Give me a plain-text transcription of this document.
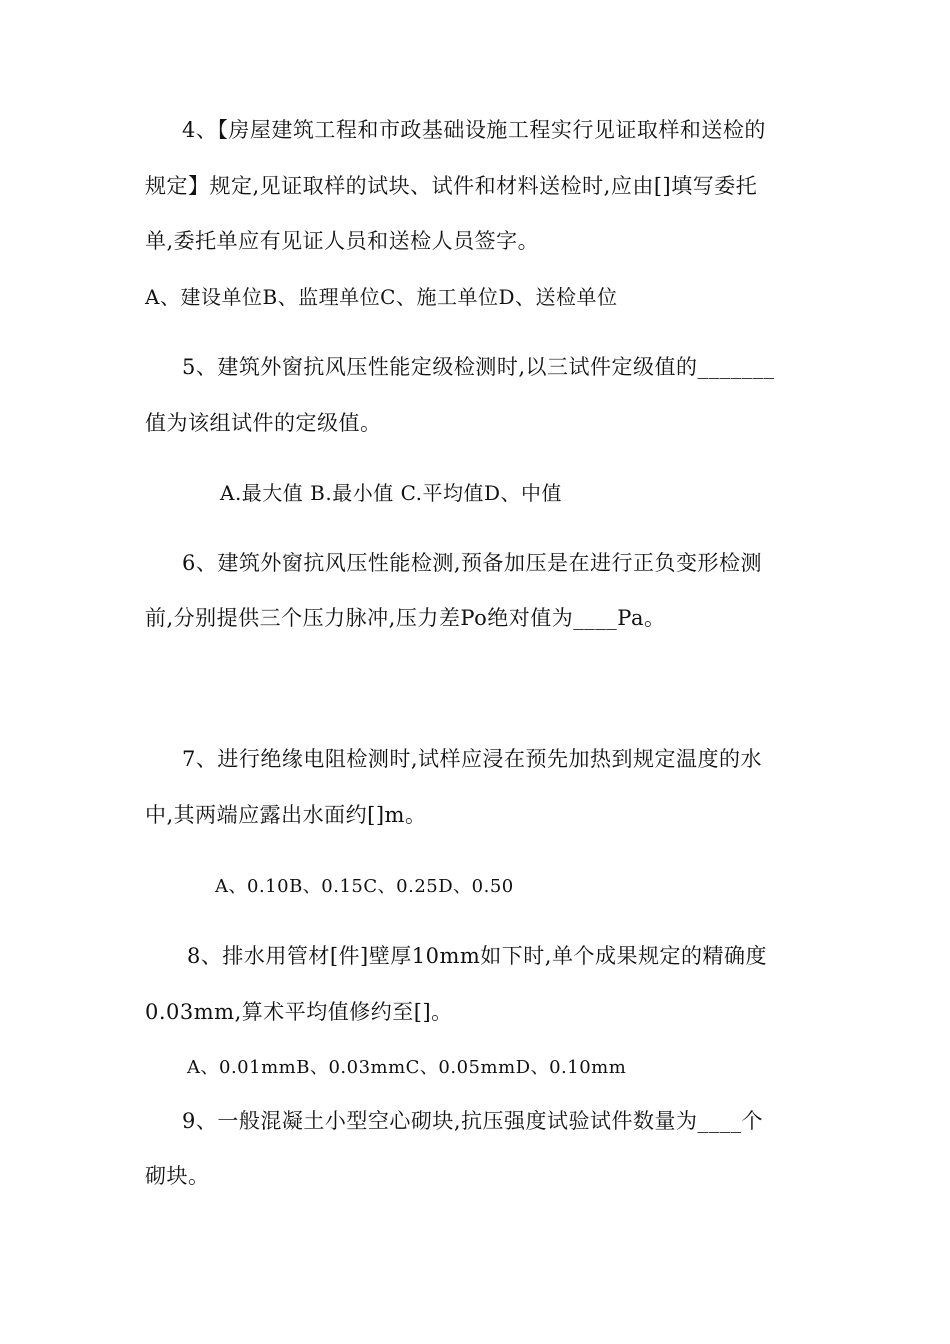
4、【房屋建筑工程和市政基础设施工程实行见证取样和送检的
规定】规定,见证取样的试块、试件和材料送检时,应由[]填写委托
单,委托单应有见证人员和送检人员签字。
A、建设单位B、监理单位C、施工单位D、送检单位
5、建筑外窗抗风压性能定级检测时,以三试件定级值的_______
值为该组试件的定级值。
A.最大值 B.最小值 C.平均值D、中值
6、建筑外窗抗风压性能检测,预备加压是在进行正负变形检测
前,分别提供三个压力脉冲,压力差Po绝对值为____Pa。
7、进行绝缘电阻检测时,试样应浸在预先加热到规定温度的水
中,其两端应露出水面约[]m。
A、0.10B、0.15C、0.25D、0.50
8、排水用管材[件]壁厚10mm如下时,单个成果规定的精确度
0.03mm,算术平均值修约至[]。
A、0.01mmB、0.03mmC、0.05mmD、0.10mm
9、一般混凝土小型空心砌块,抗压强度试验试件数量为____个
砌块。
